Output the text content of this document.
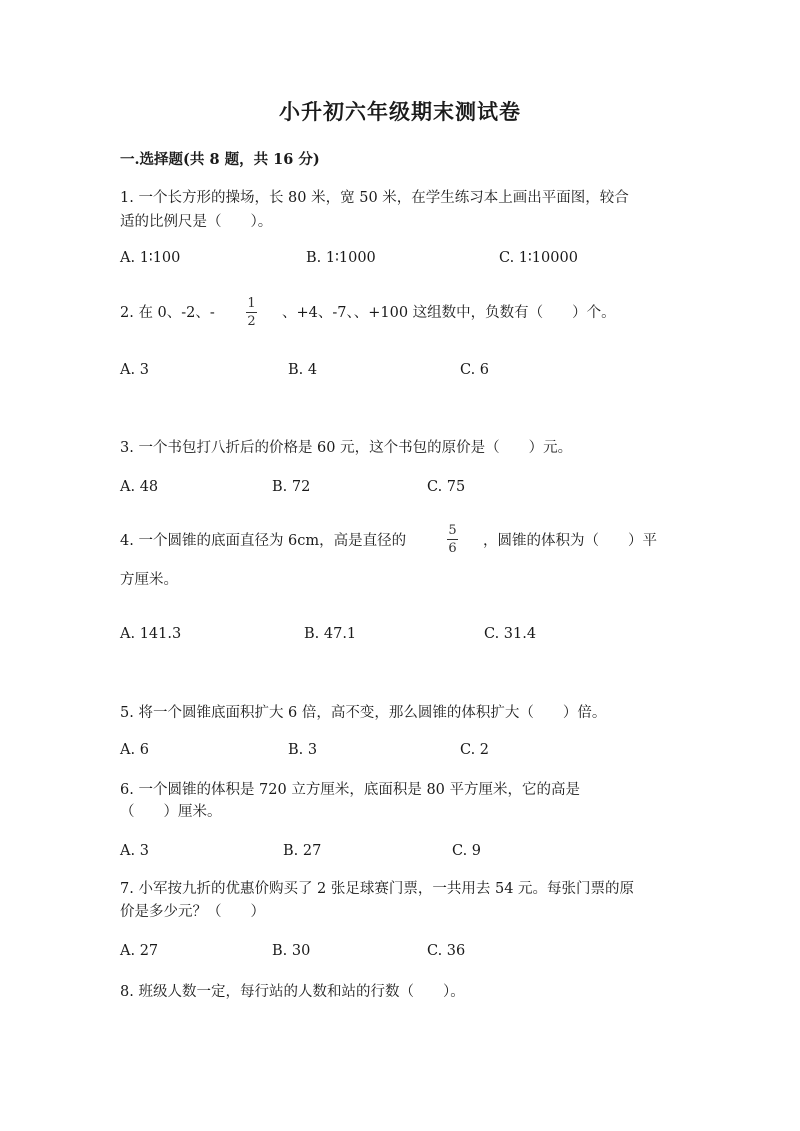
小升初六年级期末测试卷
一.选择题(共 8 题，共 16 分)
1. 一个长方形的操场，长 80 米，宽 50 米，在学生练习本上画出平面图，较合
适的比例尺是（　　）。
A. 1∶100	B. 1∶1000	C. 1∶10000
2. 在 0、-2、-
1
2
、+4、-7、、+100 这组数中，负数有（　　）个。
A. 3	B. 4	C. 6
3. 一个书包打八折后的价格是 60 元，这个书包的原价是（　　）元。
A. 48	B. 72	C. 75
4. 一个圆锥的底面直径为 6cm，高是直径的
5
6 ，圆锥的体积为（　　）平
方厘米。
A. 141.3	B. 47.1	C. 31.4
5. 将一个圆锥底面积扩大 6 倍，高不变，那么圆锥的体积扩大（　　）倍。
A. 6	B. 3	C. 2
6. 一个圆锥的体积是 720 立方厘米，底面积是 80 平方厘米，它的高是
（　　）厘米。
A. 3	B. 27	C. 9
7. 小军按九折的优惠价购买了 2 张足球赛门票，一共用去 54 元。每张门票的原
价是多少元？（　　）
A. 27	B. 30	C. 36
8. 班级人数一定，每行站的人数和站的行数（　　）。
